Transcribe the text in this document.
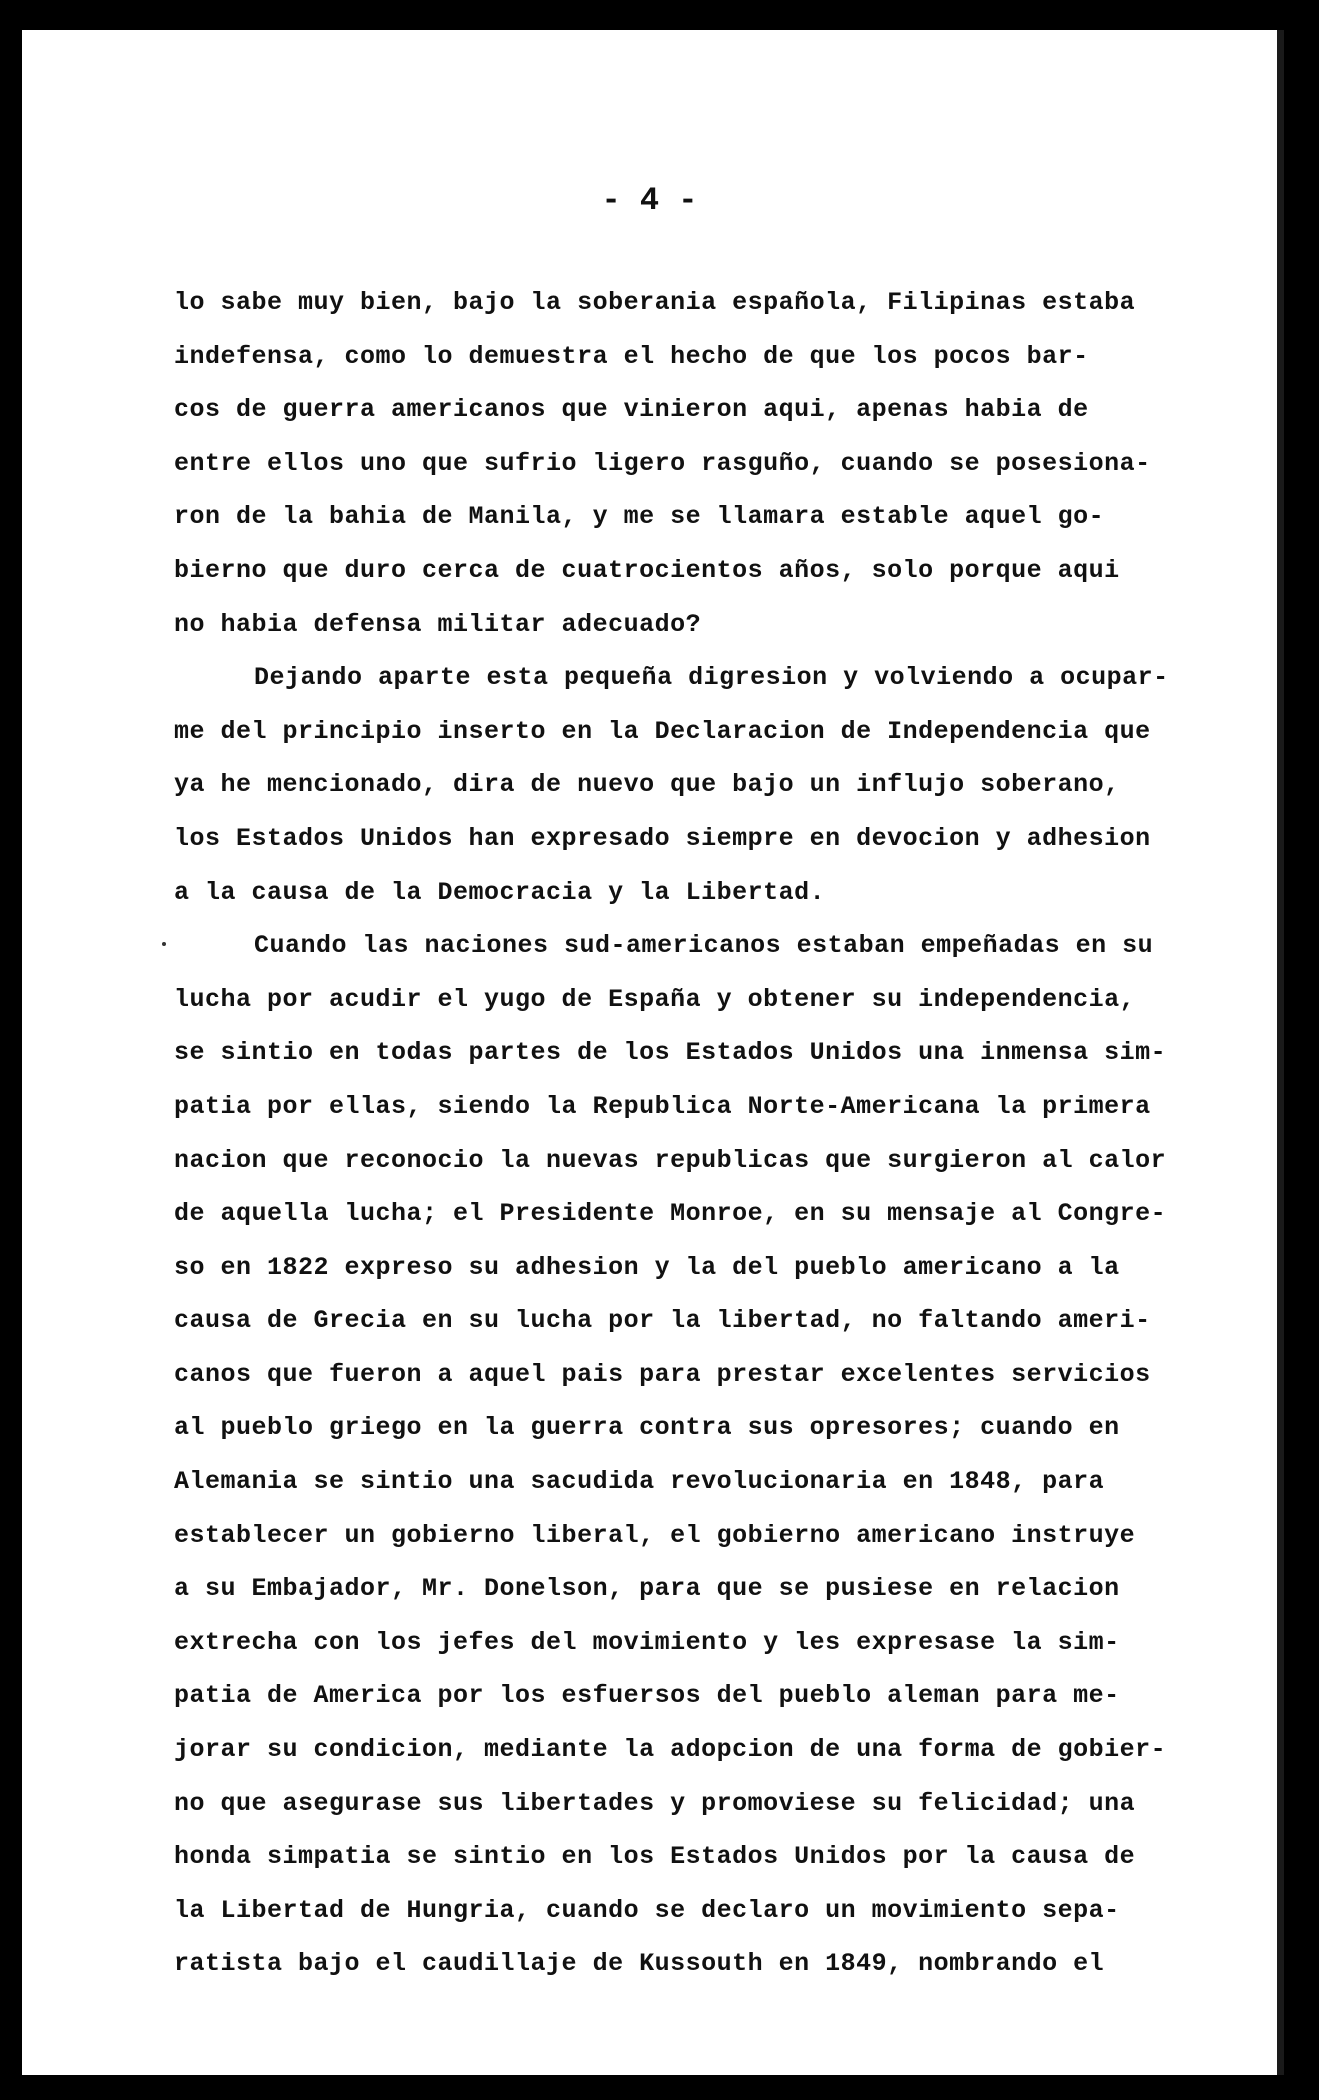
- 4 -
lo sabe muy bien, bajo la soberania española, Filipinas estaba
indefensa, como lo demuestra el hecho de que los pocos bar-
cos de guerra americanos que vinieron aqui, apenas habia de
entre ellos uno que sufrio ligero rasguño, cuando se posesiona-
ron de la bahia de Manila, y me se llamara estable aquel go-
bierno que duro cerca de cuatrocientos años, solo porque aqui
no habia defensa militar adecuado?
Dejando aparte esta pequeña digresion y volviendo a ocupar-
me del principio inserto en la Declaracion de Independencia que
ya he mencionado, dira de nuevo que bajo un influjo soberano,
los Estados Unidos han expresado siempre en devocion y adhesion
a la causa de la Democracia y la Libertad.
Cuando las naciones sud-americanos estaban empeñadas en su
lucha por acudir el yugo de España y obtener su independencia,
se sintio en todas partes de los Estados Unidos una inmensa sim-
patia por ellas, siendo la Republica Norte-Americana la primera
nacion que reconocio la nuevas republicas que surgieron al calor
de aquella lucha; el Presidente Monroe, en su mensaje al Congre-
so en 1822 expreso su adhesion y la del pueblo americano a la
causa de Grecia en su lucha por la libertad, no faltando ameri-
canos que fueron a aquel pais para prestar excelentes servicios
al pueblo griego en la guerra contra sus opresores; cuando en
Alemania se sintio una sacudida revolucionaria en 1848, para
establecer un gobierno liberal, el gobierno americano instruye
a su Embajador, Mr. Donelson, para que se pusiese en relacion
extrecha con los jefes del movimiento y les expresase la sim-
patia de America por los esfuersos del pueblo aleman para me-
jorar su condicion, mediante la adopcion de una forma de gobier-
no que asegurase sus libertades y promoviese su felicidad; una
honda simpatia se sintio en los Estados Unidos por la causa de
la Libertad de Hungria, cuando se declaro un movimiento sepa-
ratista bajo el caudillaje de Kussouth en 1849, nombrando el
